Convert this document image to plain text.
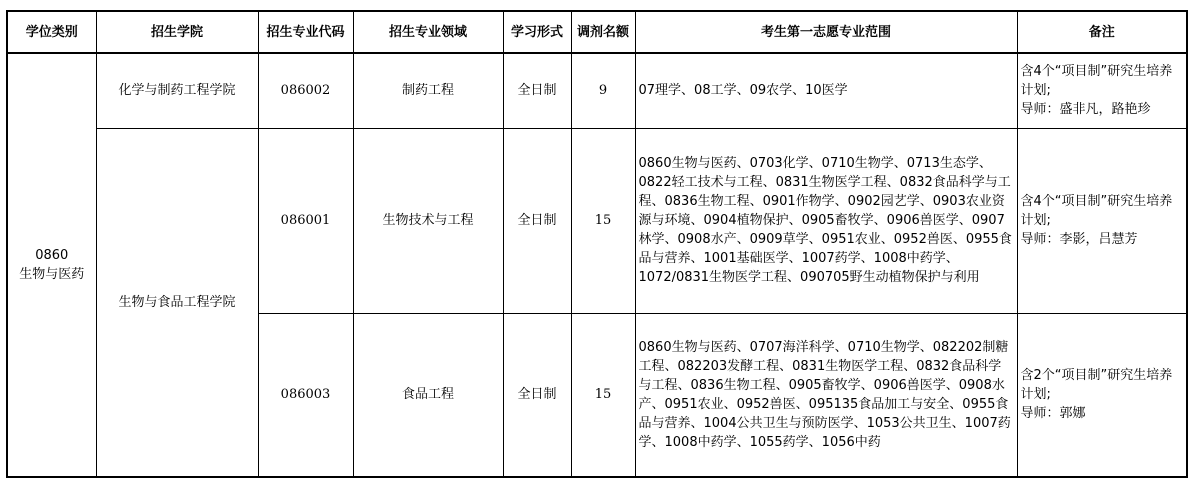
学位类别	招生学院	招生专业代码	招生专业领域	学习形式	调剂名额	考生第一志愿专业范围	备注

0860
生物与医药	化学与制药工程学院	086002	制药工程	全日制	9	07理学、08工学、09农学、10医学	含4个“项目制”研究生培养计划;
导师：盛非凡，路艳珍

	生物与食品工程学院	086001	生物技术与工程	全日制	15	0860生物与医药、0703化学、0710生物学、0713生态学、0822轻工技术与工程、0831生物医学工程、0832食品科学与工程、0836生物工程、0901作物学、0902园艺学、0903农业资源与环境、0904植物保护、0905畜牧学、0906兽医学、0907林学、0908水产、0909草学、0951农业、0952兽医、0955食品与营养、1001基础医学、1007药学、1008中药学、1072/0831生物医学工程、090705野生动植物保护与利用	含4个“项目制”研究生培养计划;
导师：李影，吕慧芳

		086003	食品工程	全日制	15	0860生物与医药、0707海洋科学、0710生物学、082202制糖工程、082203发酵工程、0831生物医学工程、0832食品科学与工程、0836生物工程、0905畜牧学、0906兽医学、0908水产、0951农业、0952兽医、095135食品加工与安全、0955食品与营养、1004公共卫生与预防医学、1053公共卫生、1007药学、1008中药学、1055药学、1056中药	含2个“项目制”研究生培养计划;
导师：郭娜
